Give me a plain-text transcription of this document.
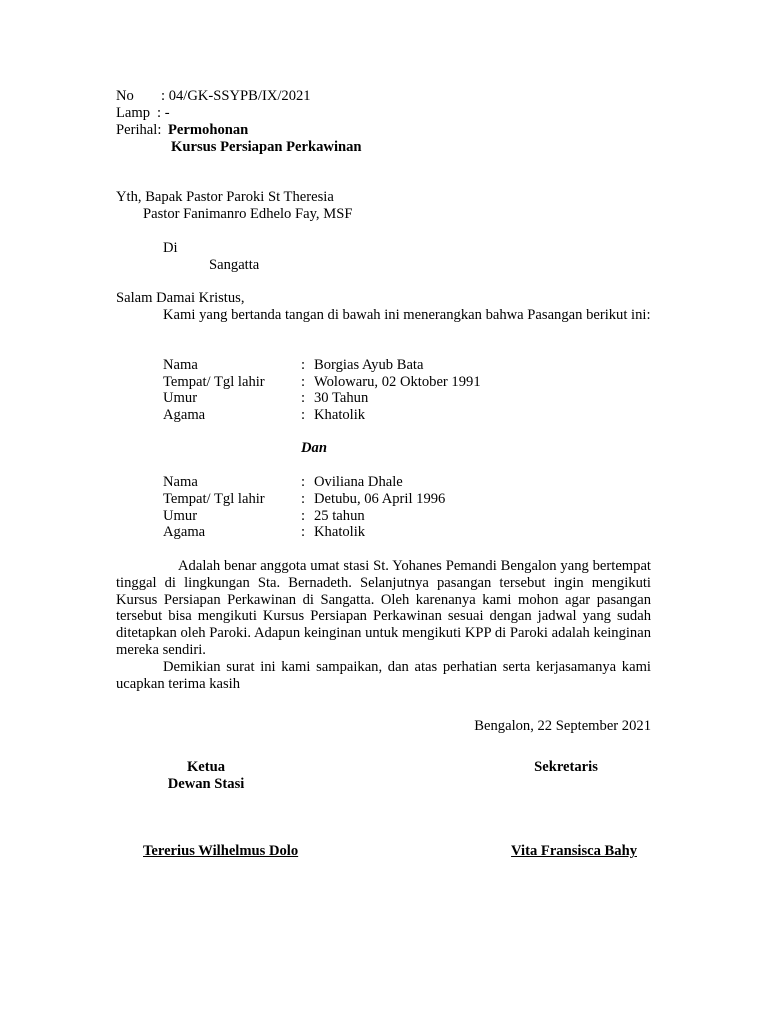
No : 04/GK-SSYPB/IX/2021
Lamp : -
Perihal: Permohonan
Kursus Persiapan Perkawinan
Yth, Bapak Pastor Paroki St Theresia
Pastor Fanimanro Edhelo Fay, MSF
Di
Sangatta
Salam Damai Kristus,
Kami yang bertanda tangan di bawah ini menerangkan bahwa Pasangan berikut ini:
Nama	: Borgias Ayub Bata
Tempat/ Tgl lahir : Wolowaru, 02 Oktober 1991
Umur	: 30 Tahun
Agama	: Khatolik
Dan
Nama	: Oviliana Dhale
Tempat/ Tgl lahir : Detubu, 06 April 1996
Umur	: 25 tahun
Agama	: Khatolik
Adalah benar anggota umat stasi St. Yohanes Pemandi Bengalon yang bertempat tinggal di lingkungan Sta. Bernadeth. Selanjutnya pasangan tersebut ingin mengikuti Kursus Persiapan Perkawinan di Sangatta. Oleh karenanya kami mohon agar pasangan tersebut bisa mengikuti Kursus Persiapan Perkawinan sesuai dengan jadwal yang sudah ditetapkan oleh Paroki. Adapun keinginan untuk mengikuti KPP di Paroki adalah keinginan mereka sendiri.
Demikian surat ini kami sampaikan, dan atas perhatian serta kerjasamanya kami ucapkan terima kasih
Bengalon, 22 September 2021
Ketua
Dewan Stasi
Sekretaris
Tererius Wilhelmus Dolo	Vita Fransisca Bahy
